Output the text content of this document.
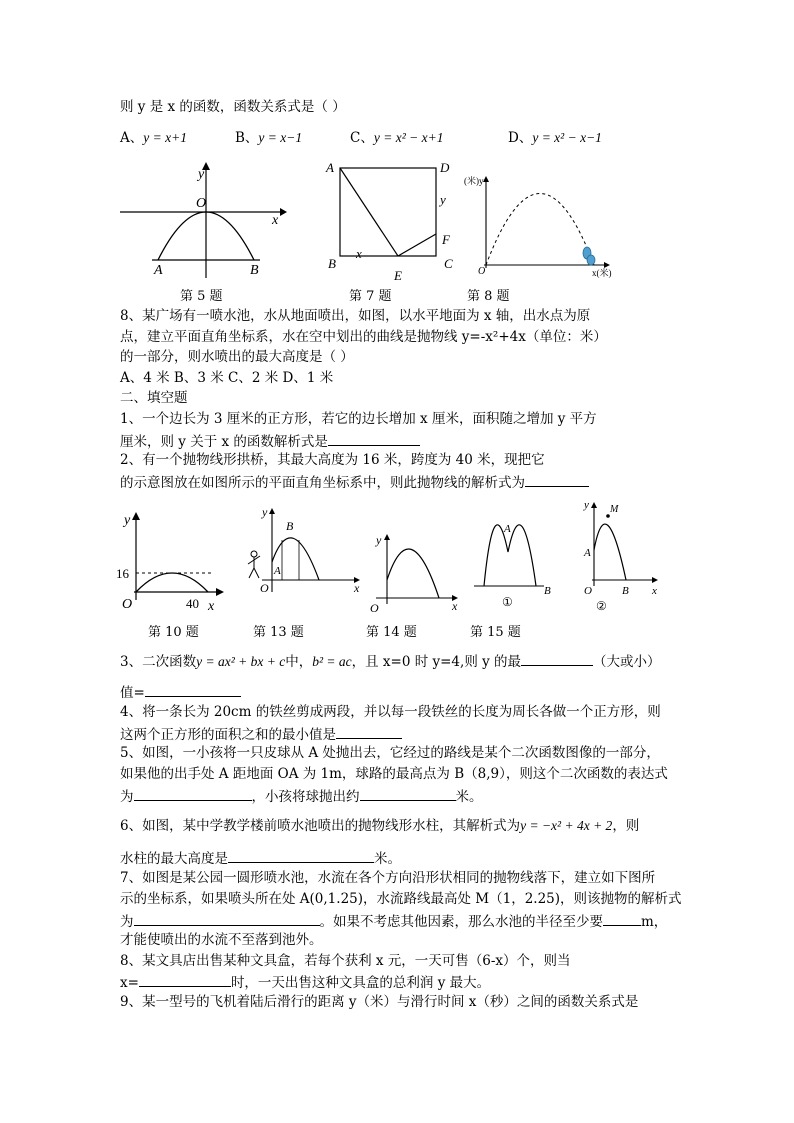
则 y 是 x 的函数，函数关系式是（ ）
A、y = x+1	B、y = x−1	C、y = x² − x+1	D、y = x² − x−1
y
O
x
A	B
A	D
y
F
C
B
x
E
(米)y
O	x(米)
第 5 题	第 7 题	第 8 题
8、某广场有一喷水池，水从地面喷出，如图，以水平地面为 x 轴，出水点为原
点，建立平面直角坐标系，水在空中划出的曲线是抛物线 y=-x²+4x（单位：米）
的一部分，则水喷出的最大高度是（ ）
A、4 米 B、3 米 C、2 米 D、1 米
二、填空题
1、一个边长为 3 厘米的正方形，若它的边长增加 x 厘米，面积随之增加 y 平方
厘米，则 y 关于 x 的函数解析式是
2、有一个抛物线形拱桥，其最大高度为 16 米，跨度为 40 米，现把它
的示意图放在如图所示的平面直角坐标系中，则此抛物线的解析式为
y
16
O	40 x
y
B
A
O	x
y
O	x
A
B
①
y M
A
O	B x
②
第 10 题	第 13 题	第 14 题	第 15 题
3、二次函数y = ax² + bx + c中，b² = ac，且 x=0 时 y=4,则 y 的最	（大或小）
值=
4、将一条长为 20cm 的铁丝剪成两段，并以每一段铁丝的长度为周长各做一个正方形，则
这两个正方形的面积之和的最小值是
5、如图，一小孩将一只皮球从 A 处抛出去，它经过的路线是某个二次函数图像的一部分，
如果他的出手处 A 距地面 OA 为 1m，球路的最高点为 B（8,9），则这个二次函数的表达式
为	，小孩将球抛出约	米。
6、如图，某中学教学楼前喷水池喷出的抛物线形水柱，其解析式为y = −x² + 4x + 2，则
水柱的最大高度是	米。
7、如图是某公园一圆形喷水池，水流在各个方向沿形状相同的抛物线落下，建立如下图所
示的坐标系，如果喷头所在处 A(0,1.25)，水流路线最高处 M（1，2.25)，则该抛物的解析式
为	。如果不考虑其他因素，那么水池的半径至少要	m，
才能使喷出的水流不至落到池外。
8、某文具店出售某种文具盒，若每个获利 x 元，一天可售（6-x）个，则当
x=	时，一天出售这种文具盒的总利润 y 最大。
9、某一型号的飞机着陆后滑行的距离 y（米）与滑行时间 x（秒）之间的函数关系式是
